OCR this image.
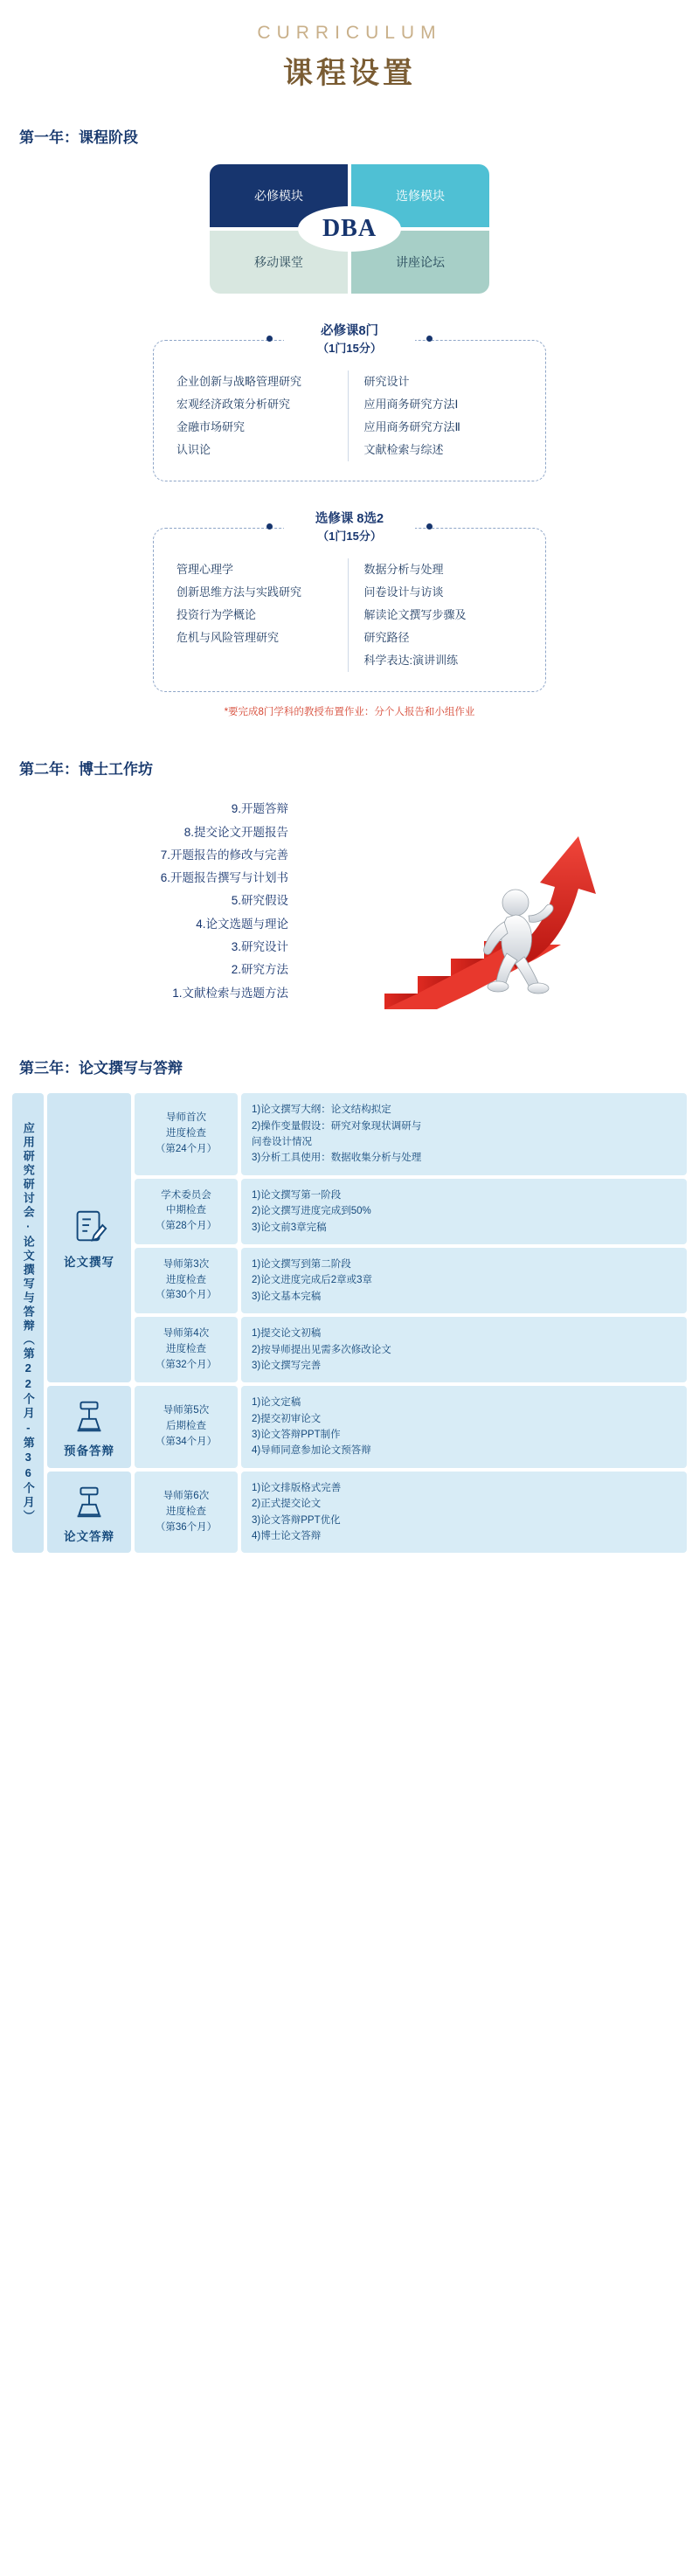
CURRICULUM
课程设置
第一年：课程阶段
必修模块	选修模块
移动课堂	讲座论坛
DBA
必修课8门
（1门15分）
企业创新与战略管理研究
宏观经济政策分析研究
金融市场研究
认识论
研究设计
应用商务研究方法Ⅰ
应用商务研究方法Ⅱ
文献检索与综述
选修课 8选2
（1门15分）
管理心理学
创新思维方法与实践研究
投资行为学概论
危机与风险管理研究
数据分析与处理
问卷设计与访谈
解读论文撰写步骤及
研究路径
科学表达:演讲训练
*要完成8门学科的教授布置作业：分个人报告和小组作业
第二年：博士工作坊
9.开题答辩
8.提交论文开题报告
7.开题报告的修改与完善
6.开题报告撰写与计划书
5.研究假设
4.论文选题与理论
3.研究设计
2.研究方法
1.文献检索与选题方法
第三年：论文撰写与答辩
应用研究研讨会·论文撰写与答辩（第22个月-第36个月） 论文撰写
导师首次
进度检查
（第24个月）
1)论文撰写大纲：论文结构拟定
2)操作变量假设：研究对象现状调研与
问卷设计情况
3)分析工具使用：数据收集分析与处理
学术委员会
中期检查
（第28个月）
1)论文撰写第一阶段
2)论文撰写进度完成到50%
3)论文前3章完稿
导师第3次
进度检查
（第30个月）
1)论文撰写到第二阶段
2)论文进度完成后2章或3章
3)论文基本完稿
导师第4次
进度检查
（第32个月）
1)提交论文初稿
2)按导师提出见需多次修改论文
3)论文撰写完善
预备答辩
导师第5次
后期检查
（第34个月）
1)论文定稿
2)提交初审论文
3)论文答辩PPT制作
4)导师同意参加论文预答辩
论文答辩
导师第6次
进度检查
（第36个月）
1)论文排版格式完善
2)正式提交论文
3)论文答辩PPT优化
4)博士论文答辩
